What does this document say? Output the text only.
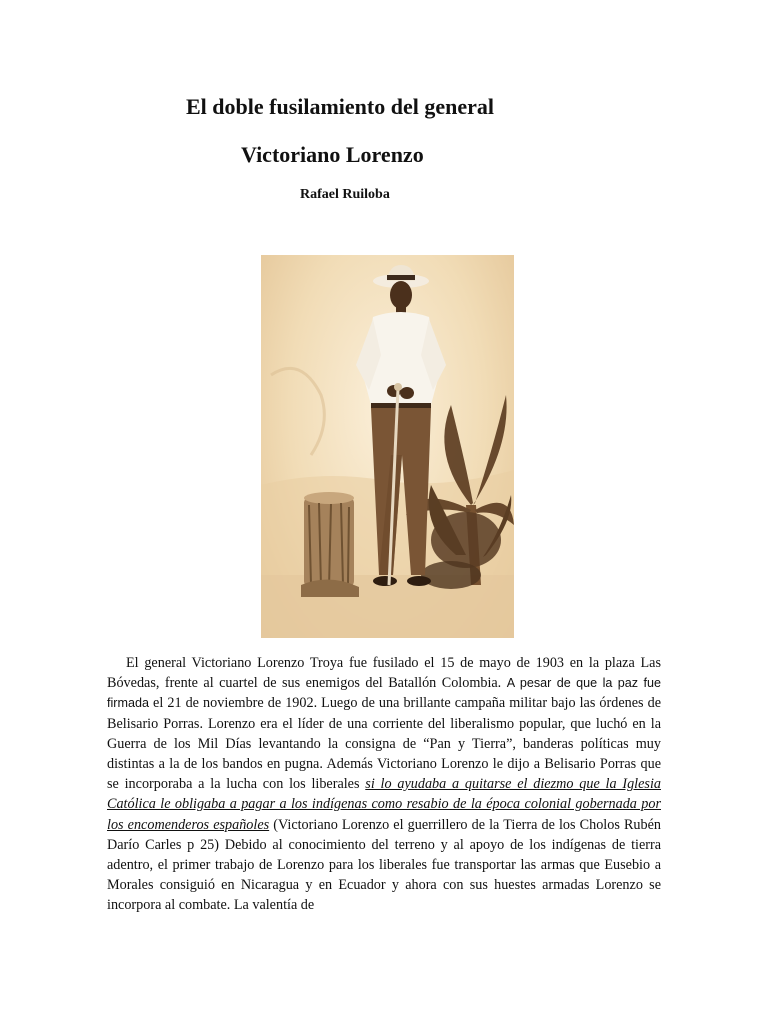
El doble fusilamiento del general
Victoriano Lorenzo
Rafael Ruiloba

El general Victoriano Lorenzo Troya fue fusilado el 15 de mayo de 1903 en la plaza Las Bóvedas, frente al cuartel de sus enemigos del Batallón Colombia. A pesar de que la paz fue firmada el 21 de noviembre de 1902. Luego de una brillante campaña militar bajo las órdenes de Belisario Porras. Lorenzo era el líder de una corriente del liberalismo popular, que luchó en la Guerra de los Mil Días levantando la consigna de “Pan y Tierra”, banderas políticas muy distintas a la de los bandos en pugna. Además Victoriano Lorenzo le dijo a Belisario Porras que se incorporaba a la lucha con los liberales si lo ayudaba a quitarse el diezmo que la Iglesia Católica le obligaba a pagar a los indígenas como resabio de la época colonial gobernada por los encomenderos españoles (Victoriano Lorenzo el guerrillero de la Tierra de los Cholos Rubén Darío Carles p 25) Debido al conocimiento del terreno y al apoyo de los indígenas de tierra adentro, el primer trabajo de Lorenzo para los liberales fue transportar las armas que Eusebio a Morales consiguió en Nicaragua y en Ecuador y ahora con sus huestes armadas Lorenzo se incorpora al combate. La valentía de
